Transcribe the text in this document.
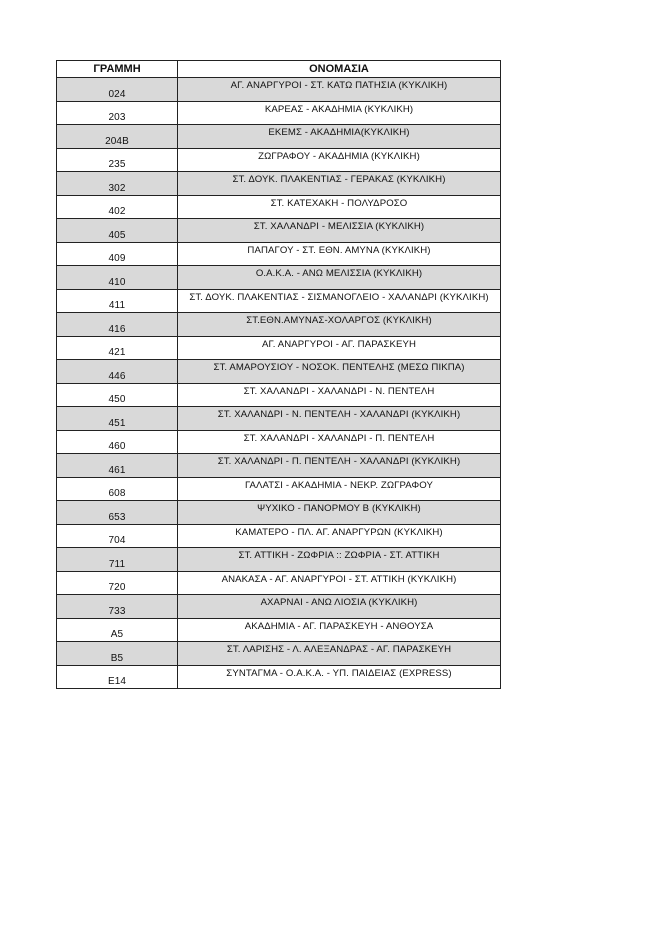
ΓΡΑΜΜΗ	ΟΝΟΜΑΣΙΑ
024	ΑΓ. ΑΝΑΡΓΥΡΟΙ - ΣΤ. ΚΑΤΩ ΠΑΤΗΣΙΑ (ΚΥΚΛΙΚΗ)
203	ΚΑΡΕΑΣ - ΑΚΑΔΗΜΙΑ (ΚΥΚΛΙΚΗ)
204Β	ΕΚΕΜΣ - ΑΚΑΔΗΜΙΑ(ΚΥΚΛΙΚΗ)
235	ΖΩΓΡΑΦΟΥ - ΑΚΑΔΗΜΙΑ (ΚΥΚΛΙΚΗ)
302	ΣΤ. ΔΟΥΚ. ΠΛΑΚΕΝΤΙΑΣ - ΓΕΡΑΚΑΣ (ΚΥΚΛΙΚΗ)
402	ΣΤ. ΚΑΤΕΧΑΚΗ - ΠΟΛΥΔΡΟΣΟ
405	ΣΤ. ΧΑΛΑΝΔΡΙ - ΜΕΛΙΣΣΙΑ (ΚΥΚΛΙΚΗ)
409	ΠΑΠΑΓΟΥ - ΣΤ. ΕΘΝ. ΑΜΥΝΑ (ΚΥΚΛΙΚΗ)
410	Ο.Α.Κ.Α. - ΑΝΩ ΜΕΛΙΣΣΙΑ (ΚΥΚΛΙΚΗ)
411	ΣΤ. ΔΟΥΚ. ΠΛΑΚΕΝΤΙΑΣ - ΣΙΣΜΑΝΟΓΛΕΙΟ - ΧΑΛΑΝΔΡΙ (ΚΥΚΛΙΚΗ)
416	ΣΤ.ΕΘΝ.ΑΜΥΝΑΣ-ΧΟΛΑΡΓΟΣ (ΚΥΚΛΙΚΗ)
421	ΑΓ. ΑΝΑΡΓΥΡΟΙ - ΑΓ. ΠΑΡΑΣΚΕΥΗ
446	ΣΤ. ΑΜΑΡΟΥΣΙΟΥ - ΝΟΣΟΚ. ΠΕΝΤΕΛΗΣ (ΜΕΣΩ ΠΙΚΠΑ)
450	ΣΤ. ΧΑΛΑΝΔΡΙ - ΧΑΛΑΝΔΡΙ - Ν. ΠΕΝΤΕΛΗ
451	ΣΤ. ΧΑΛΑΝΔΡΙ - Ν. ΠΕΝΤΕΛΗ - ΧΑΛΑΝΔΡΙ (ΚΥΚΛΙΚΗ)
460	ΣΤ. ΧΑΛΑΝΔΡΙ - ΧΑΛΑΝΔΡΙ - Π. ΠΕΝΤΕΛΗ
461	ΣΤ. ΧΑΛΑΝΔΡΙ - Π. ΠΕΝΤΕΛΗ - ΧΑΛΑΝΔΡΙ (ΚΥΚΛΙΚΗ)
608	ΓΑΛΑΤΣΙ - ΑΚΑΔΗΜΙΑ - ΝΕΚΡ. ΖΩΓΡΑΦΟΥ
653	ΨΥΧΙΚΟ - ΠΑΝΟΡΜΟΥ Β (ΚΥΚΛΙΚΗ)
704	ΚΑΜΑΤΕΡΟ - ΠΛ. ΑΓ. ΑΝΑΡΓΥΡΩΝ (ΚΥΚΛΙΚΗ)
711	ΣΤ. ΑΤΤΙΚΗ - ΖΩΦΡΙΑ :: ΖΩΦΡΙΑ - ΣΤ. ΑΤΤΙΚΗ
720	ΑΝΑΚΑΣΑ - ΑΓ. ΑΝΑΡΓΥΡΟΙ - ΣΤ. ΑΤΤΙΚΗ (ΚΥΚΛΙΚΗ)
733	ΑΧΑΡΝΑΙ - ΑΝΩ ΛΙΟΣΙΑ (ΚΥΚΛΙΚΗ)
Α5	ΑΚΑΔΗΜΙΑ - ΑΓ. ΠΑΡΑΣΚΕΥΗ - ΑΝΘΟΥΣΑ
Β5	ΣΤ. ΛΑΡΙΣΗΣ - Λ. ΑΛΕΞΑΝΔΡΑΣ - ΑΓ. ΠΑΡΑΣΚΕΥΗ
Ε14	ΣΥΝΤΑΓΜΑ - Ο.Α.Κ.Α. - ΥΠ. ΠΑΙΔΕΙΑΣ (EXPRESS)
